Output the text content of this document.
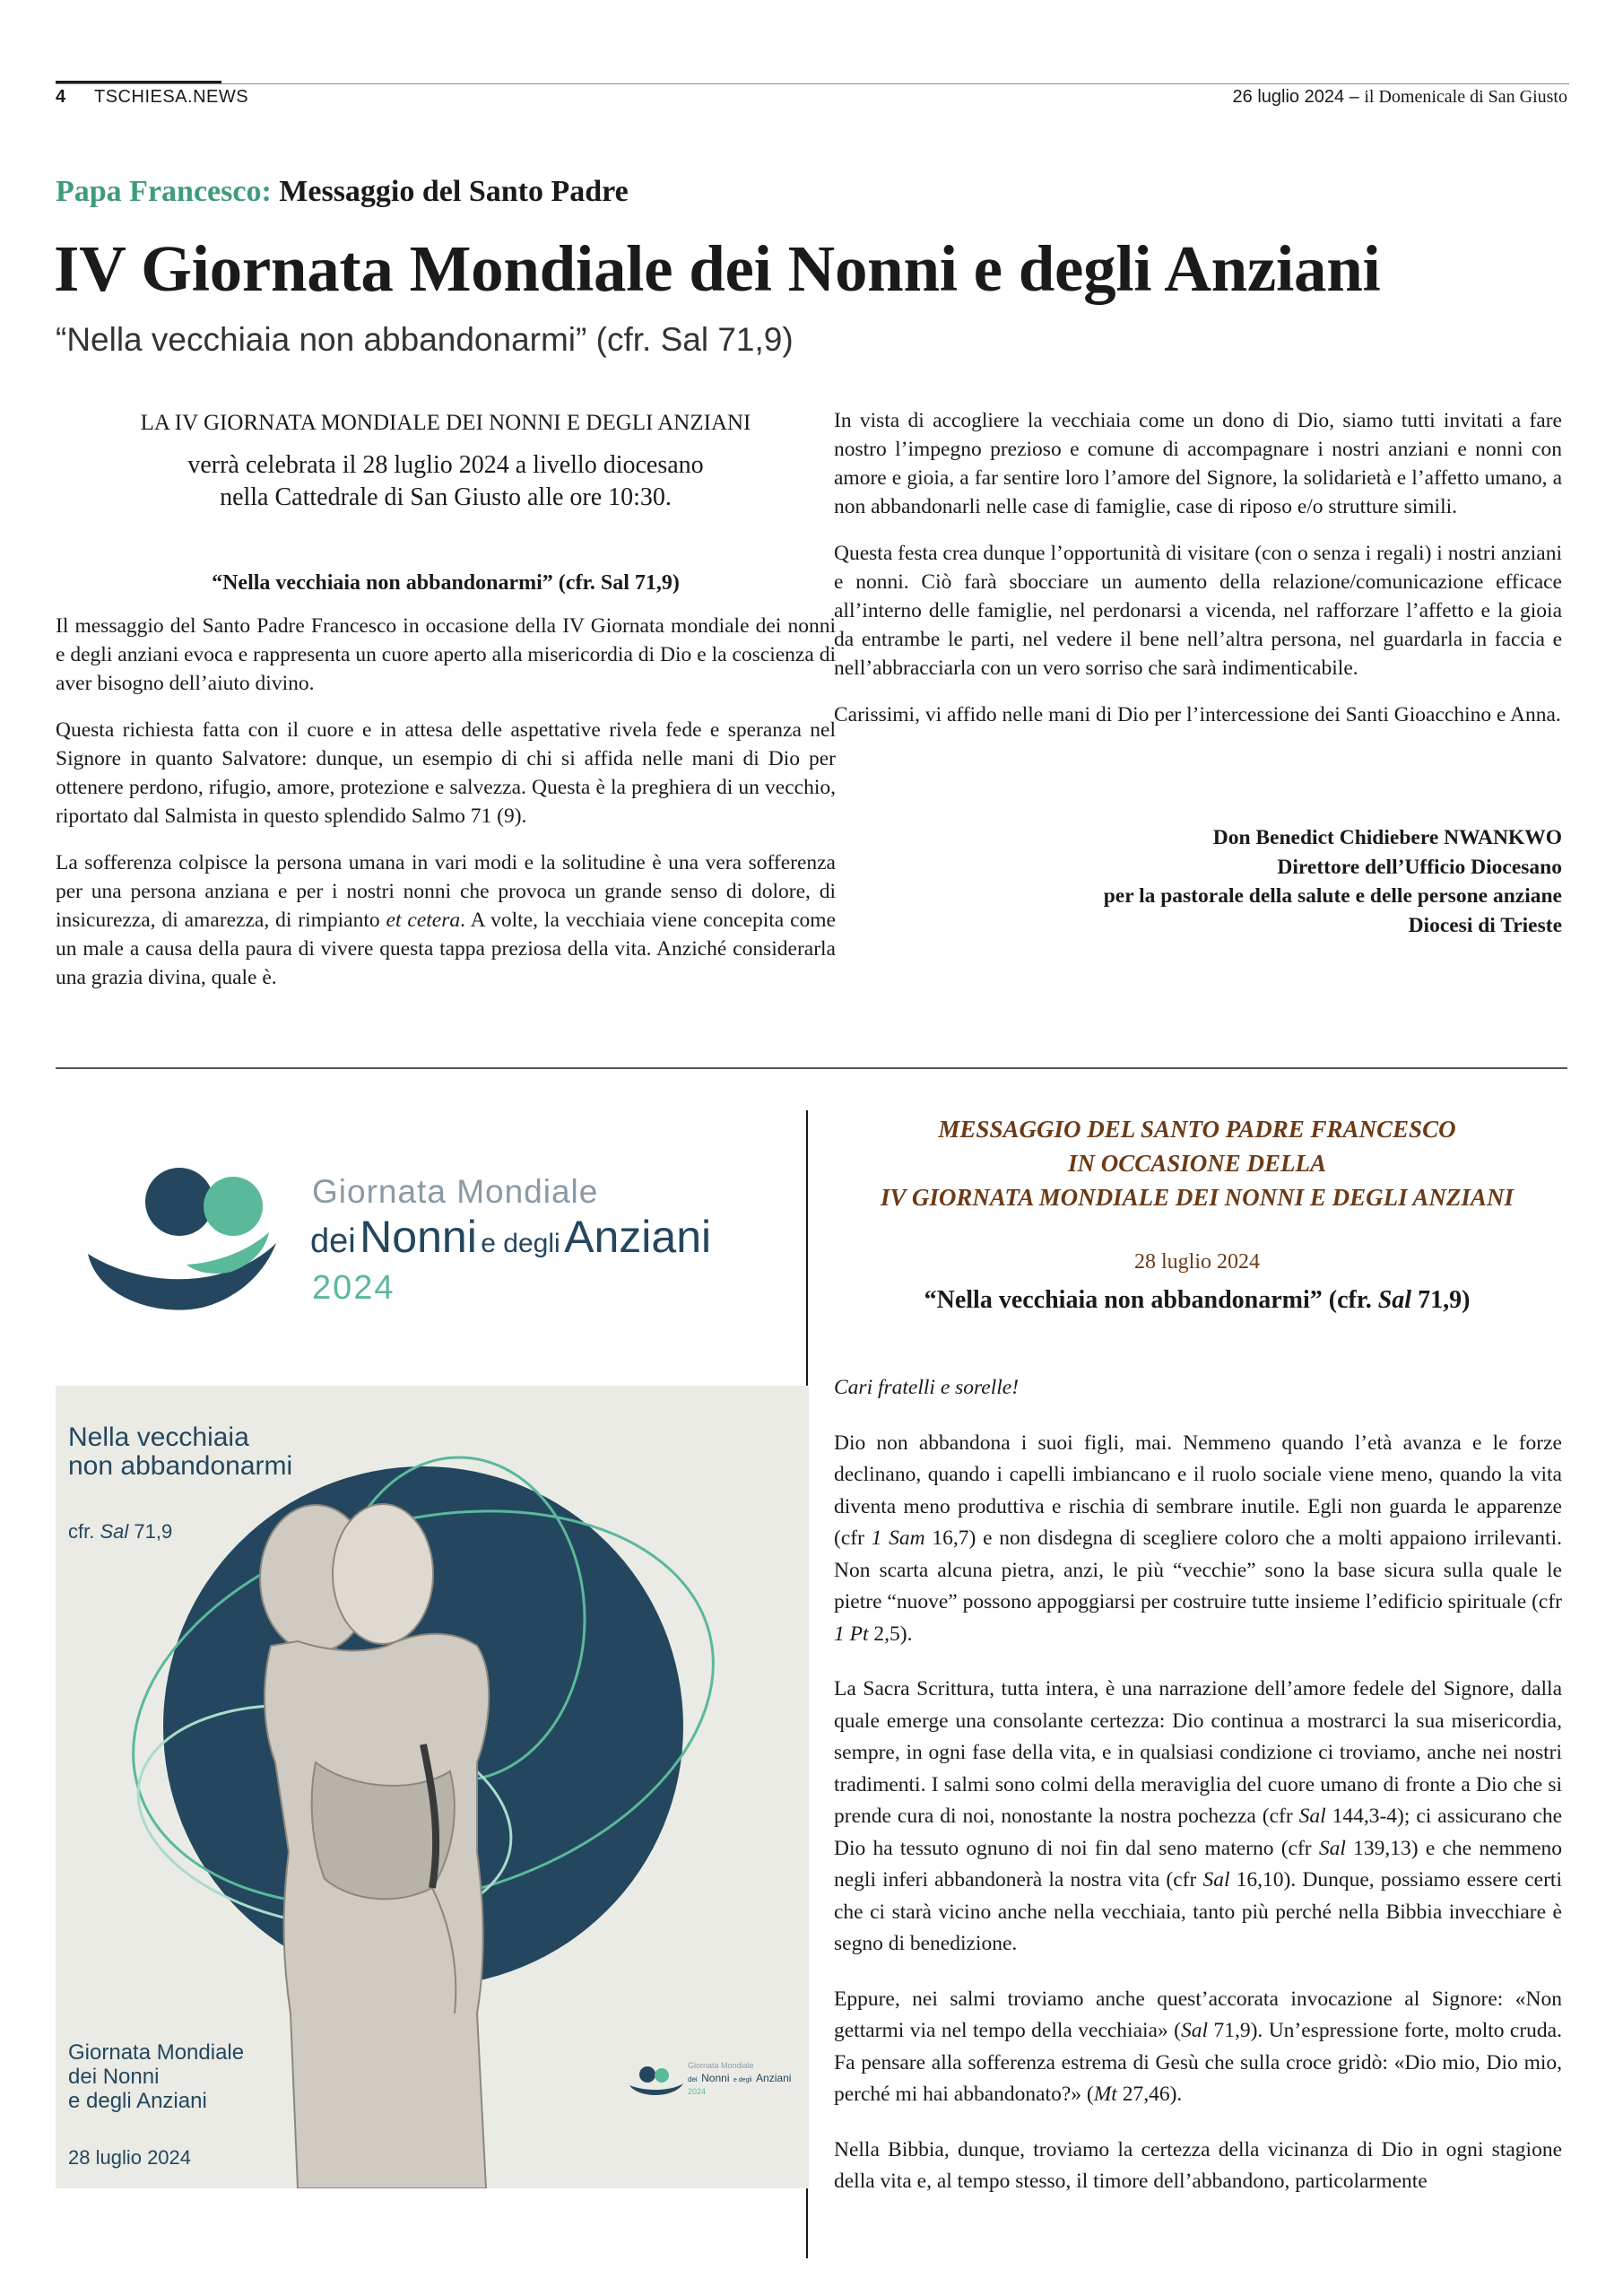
4 TSCHIESA.NEWS	26 luglio 2024 – il Domenicale di San Giusto
Papa Francesco: Messaggio del Santo Padre
IV Giornata Mondiale dei Nonni e degli Anziani
“Nella vecchiaia non abbandonarmi” (cfr. Sal 71,9)
LA IV GIORNATA MONDIALE DEI NONNI E DEGLI ANZIANI
verrà celebrata il 28 luglio 2024 a livello diocesano
nella Cattedrale di San Giusto alle ore 10:30.
“Nella vecchiaia non abbandonarmi” (cfr. Sal 71,9)

Il messaggio del Santo Padre Francesco in occasione della IV Giornata mondiale dei nonni e degli anziani evoca e rappresenta un cuore aperto alla misericordia di Dio e la coscienza di aver bisogno dell’aiuto divino.

Questa richiesta fatta con il cuore e in attesa delle aspettative rivela fede e speranza nel Signore in quanto Salvatore: dunque, un esempio di chi si affida nelle mani di Dio per ottenere perdono, rifugio, amore, protezione e salvezza. Questa è la preghiera di un vecchio, riportato dal Salmista in questo splendido Salmo 71 (9).

La sofferenza colpisce la persona umana in vari modi e la solitudine è una vera sofferenza per una persona anziana e per i nostri nonni che provoca un grande senso di dolore, di insicurezza, di amarezza, di rimpianto et cetera. A volte, la vecchiaia viene concepita come un male a causa della paura di vivere questa tappa preziosa della vita. Anziché considerarla una grazia divina, quale è.

In vista di accogliere la vecchiaia come un dono di Dio, siamo tutti invitati a fare nostro l’impegno prezioso e comune di accompagnare i nostri anziani e nonni con amore e gioia, a far sentire loro l’amore del Signore, la solidarietà e l’affetto umano, a non abbandonarli nelle case di famiglie, case di riposo e/o strutture simili.

Questa festa crea dunque l’opportunità di visitare (con o senza i regali) i nostri anziani e nonni. Ciò farà sbocciare un aumento della relazione/comunicazione efficace all’interno delle famiglie, nel perdonarsi a vicenda, nel rafforzare l’affetto e la gioia da entrambe le parti, nel vedere il bene nell’altra persona, nel guardarla in faccia e nell’abbracciarla con un vero sorriso che sarà indimenticabile.

Carissimi, vi affido nelle mani di Dio per l’intercessione dei Santi Gioacchino e Anna.

Don Benedict Chidiebere NWANKWO
Direttore dell’Ufficio Diocesano
per la pastorale della salute e delle persone anziane
Diocesi di Trieste
Giornata Mondiale
dei Nonni e degli Anziani
2024
Nella vecchiaia
non abbandonarmi
cfr. Sal 71,9
Giornata Mondiale
dei Nonni
e degli Anziani
28 luglio 2024
Giornata Mondiale
dei Nonni e degli Anziani
2024
MESSAGGIO DEL SANTO PADRE FRANCESCO
IN OCCASIONE DELLA
IV GIORNATA MONDIALE DEI NONNI E DEGLI ANZIANI
28 luglio 2024
“Nella vecchiaia non abbandonarmi” (cfr. Sal 71,9)

Cari fratelli e sorelle!

Dio non abbandona i suoi figli, mai. Nemmeno quando l’età avanza e le forze declinano, quando i capelli imbiancano e il ruolo sociale viene meno, quando la vita diventa meno produttiva e rischia di sembrare inutile. Egli non guarda le apparenze (cfr 1 Sam 16,7) e non disdegna di scegliere coloro che a molti appaiono irrilevanti. Non scarta alcuna pietra, anzi, le più “vecchie” sono la base sicura sulla quale le pietre “nuove” possono appoggiarsi per costruire tutte insieme l’edificio spirituale (cfr 1 Pt 2,5).

La Sacra Scrittura, tutta intera, è una narrazione dell’amore fedele del Signore, dalla quale emerge una consolante certezza: Dio continua a mostrarci la sua misericordia, sempre, in ogni fase della vita, e in qualsiasi condizione ci troviamo, anche nei nostri tradimenti. I salmi sono colmi della meraviglia del cuore umano di fronte a Dio che si prende cura di noi, nonostante la nostra pochezza (cfr Sal 144,3-4); ci assicurano che Dio ha tessuto ognuno di noi fin dal seno materno (cfr Sal 139,13) e che nemmeno negli inferi abbandonerà la nostra vita (cfr Sal 16,10). Dunque, possiamo essere certi che ci starà vicino anche nella vecchiaia, tanto più perché nella Bibbia invecchiare è segno di benedizione.

Eppure, nei salmi troviamo anche quest’accorata invocazione al Signore: «Non gettarmi via nel tempo della vecchiaia» (Sal 71,9). Un’espressione forte, molto cruda. Fa pensare alla sofferenza estrema di Gesù che sulla croce gridò: «Dio mio, Dio mio, perché mi hai abbandonato?» (Mt 27,46).

Nella Bibbia, dunque, troviamo la certezza della vicinanza di Dio in ogni stagione della vita e, al tempo stesso, il timore dell’abbandono, particolarmente
